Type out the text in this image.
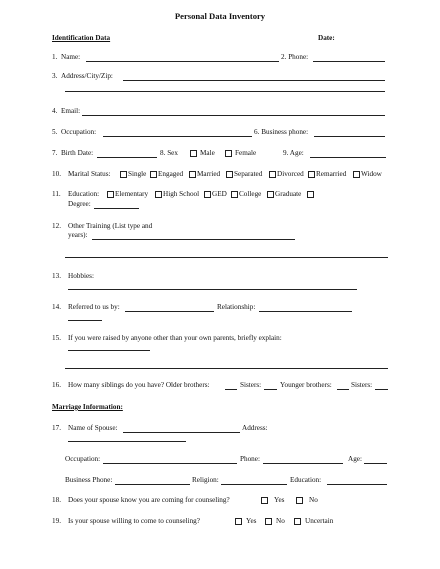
Personal Data Inventory
Identification Data	Date:
1. Name:	2. Phone:
3. Address/City/Zip:
4. Email:
5. Occupation:	6. Business phone:
7. Birth Date:	8. Sex	Male	Female	9. Age:
10. Marital Status: Single Engaged Married Separated Divorced Remarried Widow
11. Education: Elementary High School GED College Graduate
Degree:
12. Other Training (List type and
years):
13. Hobbies:
14. Referred to us by:	Relationship:
15. If you were raised by anyone other than your own parents, briefly explain:
16. How many siblings do you have? Older brothers:	Sisters:	Younger brothers:	Sisters:
Marriage Information:
17. Name of Spouse:	Address:
Occupation:	Phone:	Age:
Business Phone:	Religion:	Education:
18. Does your spouse know you are coming for counseling?	Yes	No
19. Is your spouse willing to come to counseling?	Yes	No	Uncertain
